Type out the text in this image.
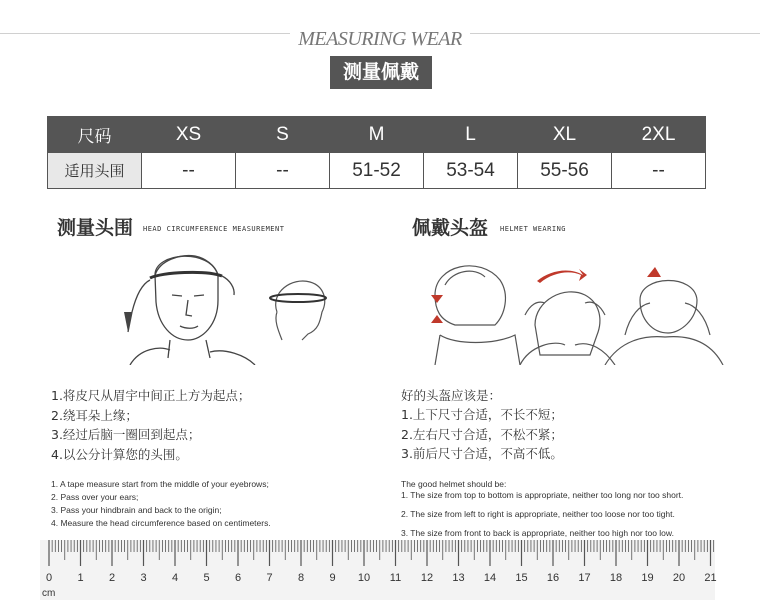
MEASURING WEAR
测量佩戴
尺码	XS	S	M	L	XL	2XL
适用头围	--	--	51-52	53-54	55-56	--
测量头围 HEAD CIRCUMFERENCE MEASUREMENT	佩戴头盔 HELMET WEARING
1.将皮尺从眉宇中间正上方为起点；
2.绕耳朵上缘；
3.经过后脑一圈回到起点；
4.以公分计算您的头围。
好的头盔应该是：
1.上下尺寸合适，不长不短；
2.左右尺寸合适，不松不紧；
3.前后尺寸合适，不高不低。
1. A tape measure start from the middle of your eyebrows;
2. Pass over your ears;
3. Pass your hindbrain and back to the origin;
4. Measure the head circumference based on centimeters.
The good helmet should be:
1. The size from top to bottom is appropriate, neither too long nor too short.
2. The size from left to right is appropriate, neither too loose nor too tight.
3. The size from front to back is appropriate, neither too high nor too low.
0	1	2	3	4	5	6	7	8	9	10	11	12	13	14	15	16	17	18	19	20	21
cm
